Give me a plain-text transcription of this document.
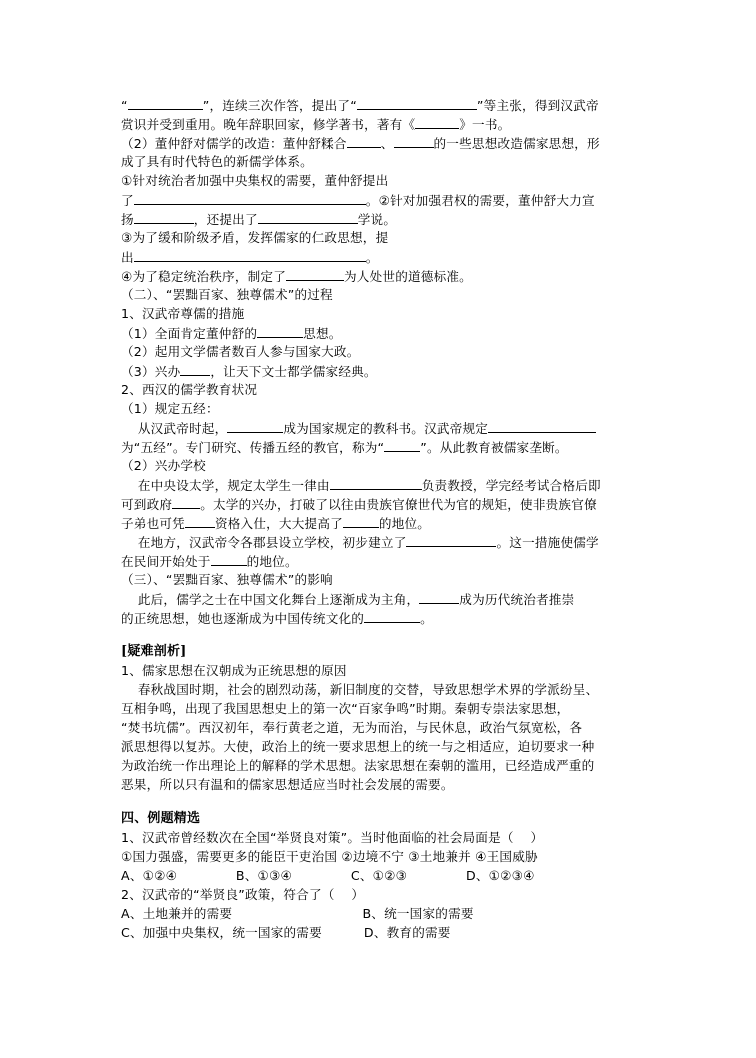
“	”，连续三次作答，提出了“	”等主张，得到汉武帝
赏识并受到重用。晚年辞职回家，修学著书，著有《	》一书。
（2）董仲舒对儒学的改造：董仲舒糅合	、	的一些思想改造儒家思想，形
成了具有时代特色的新儒学体系。
①针对统治者加强中央集权的需要，董仲舒提出
了	。②针对加强君权的需要，董仲舒大力宣
扬	，还提出了	学说。
③为了缓和阶级矛盾，发挥儒家的仁政思想，提
出	。
④为了稳定统治秩序，制定了	为人处世的道德标准。
（二）、“罢黜百家、独尊儒术”的过程
1、汉武帝尊儒的措施
（1）全面肯定董仲舒的	思想。
（2）起用文学儒者数百人参与国家大政。
（3）兴办 ，让天下文士都学儒家经典。
2、西汉的儒学教育状况
（1）规定五经：
从汉武帝时起，	成为国家规定的教科书。汉武帝规定
为“五经”。专门研究、传播五经的教官，称为“	”。从此教育被儒家垄断。
（2）兴办学校
在中央设太学，规定太学生一律由	负责教授，学完经考试合格后即
可到政府 。太学的兴办，打破了以往由贵族官僚世代为官的规矩，使非贵族官僚
子弟也可凭 资格入仕，大大提高了	的地位。
在地方，汉武帝令各郡县设立学校，初步建立了	。这一措施使儒学
在民间开始处于	的地位。
（三）、“罢黜百家、独尊儒术”的影响
此后，儒学之士在中国文化舞台上逐渐成为主角，	成为历代统治者推崇
的正统思想，她也逐渐成为中国传统文化的	。
[疑难剖析]
1、儒家思想在汉朝成为正统思想的原因
春秋战国时期，社会的剧烈动荡，新旧制度的交替，导致思想学术界的学派纷呈、
互相争鸣，出现了我国思想史上的第一次“百家争鸣”时期。秦朝专崇法家思想，
“焚书坑儒”。西汉初年，奉行黄老之道，无为而治，与民休息，政治气氛宽松，各
派思想得以复苏。大使，政治上的统一要求思想上的统一与之相适应，迫切要求一种
为政治统一作出理论上的解释的学术思想。法家思想在秦朝的滥用，已经造成严重的
恶果，所以只有温和的儒家思想适应当时社会发展的需要。
四、例题精选
1、汉武帝曾经数次在全国“举贤良对策”。当时他面临的社会局面是（    ）
①国力强盛，需要更多的能臣干吏治国 ②边境不宁 ③土地兼并 ④王国威胁
A、①②④              B、①③④              C、①②③              D、①②③④
2、汉武帝的“举贤良”政策，符合了（    ）
A、土地兼并的需要                               B、统一国家的需要
C、加强中央集权，统一国家的需要          D、教育的需要
